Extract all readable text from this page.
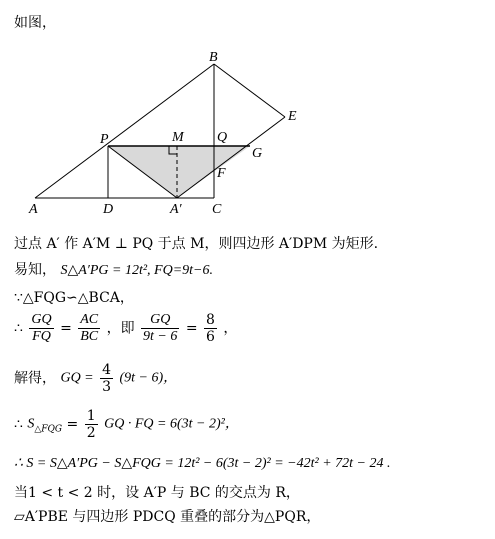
如图，
B
E
P	M Q
G
F
A	D	A′ C
过点 A′ 作 A′M ⊥ PQ 于点 M，则四边形 A′DPM 为矩形.
易知， S△A′PG = 12t², FQ=9t−6.
∵△FQG∽△BCA，
∴ $\frac{GQ}{FQ} = \frac{AC}{BC}$ ，即 $\frac{GQ}{9t - 6} = \frac{8}{6}$ ，
解得， GQ = $\frac{4}{3} (9t - 6)$，
∴ $S_{\triangle FQG} = \frac{1}{2}$ GQ · FQ = 6(3t − 2)²，
∴ S = S△A′PG − S△FQG = 12t² − 6(3t − 2)² = −42t² + 72t − 24 .
当1 < t < 2 时，设 A′P 与 BC 的交点为 R，
▱A′PBE 与四边形 PDCQ 重叠的部分为△PQR，
